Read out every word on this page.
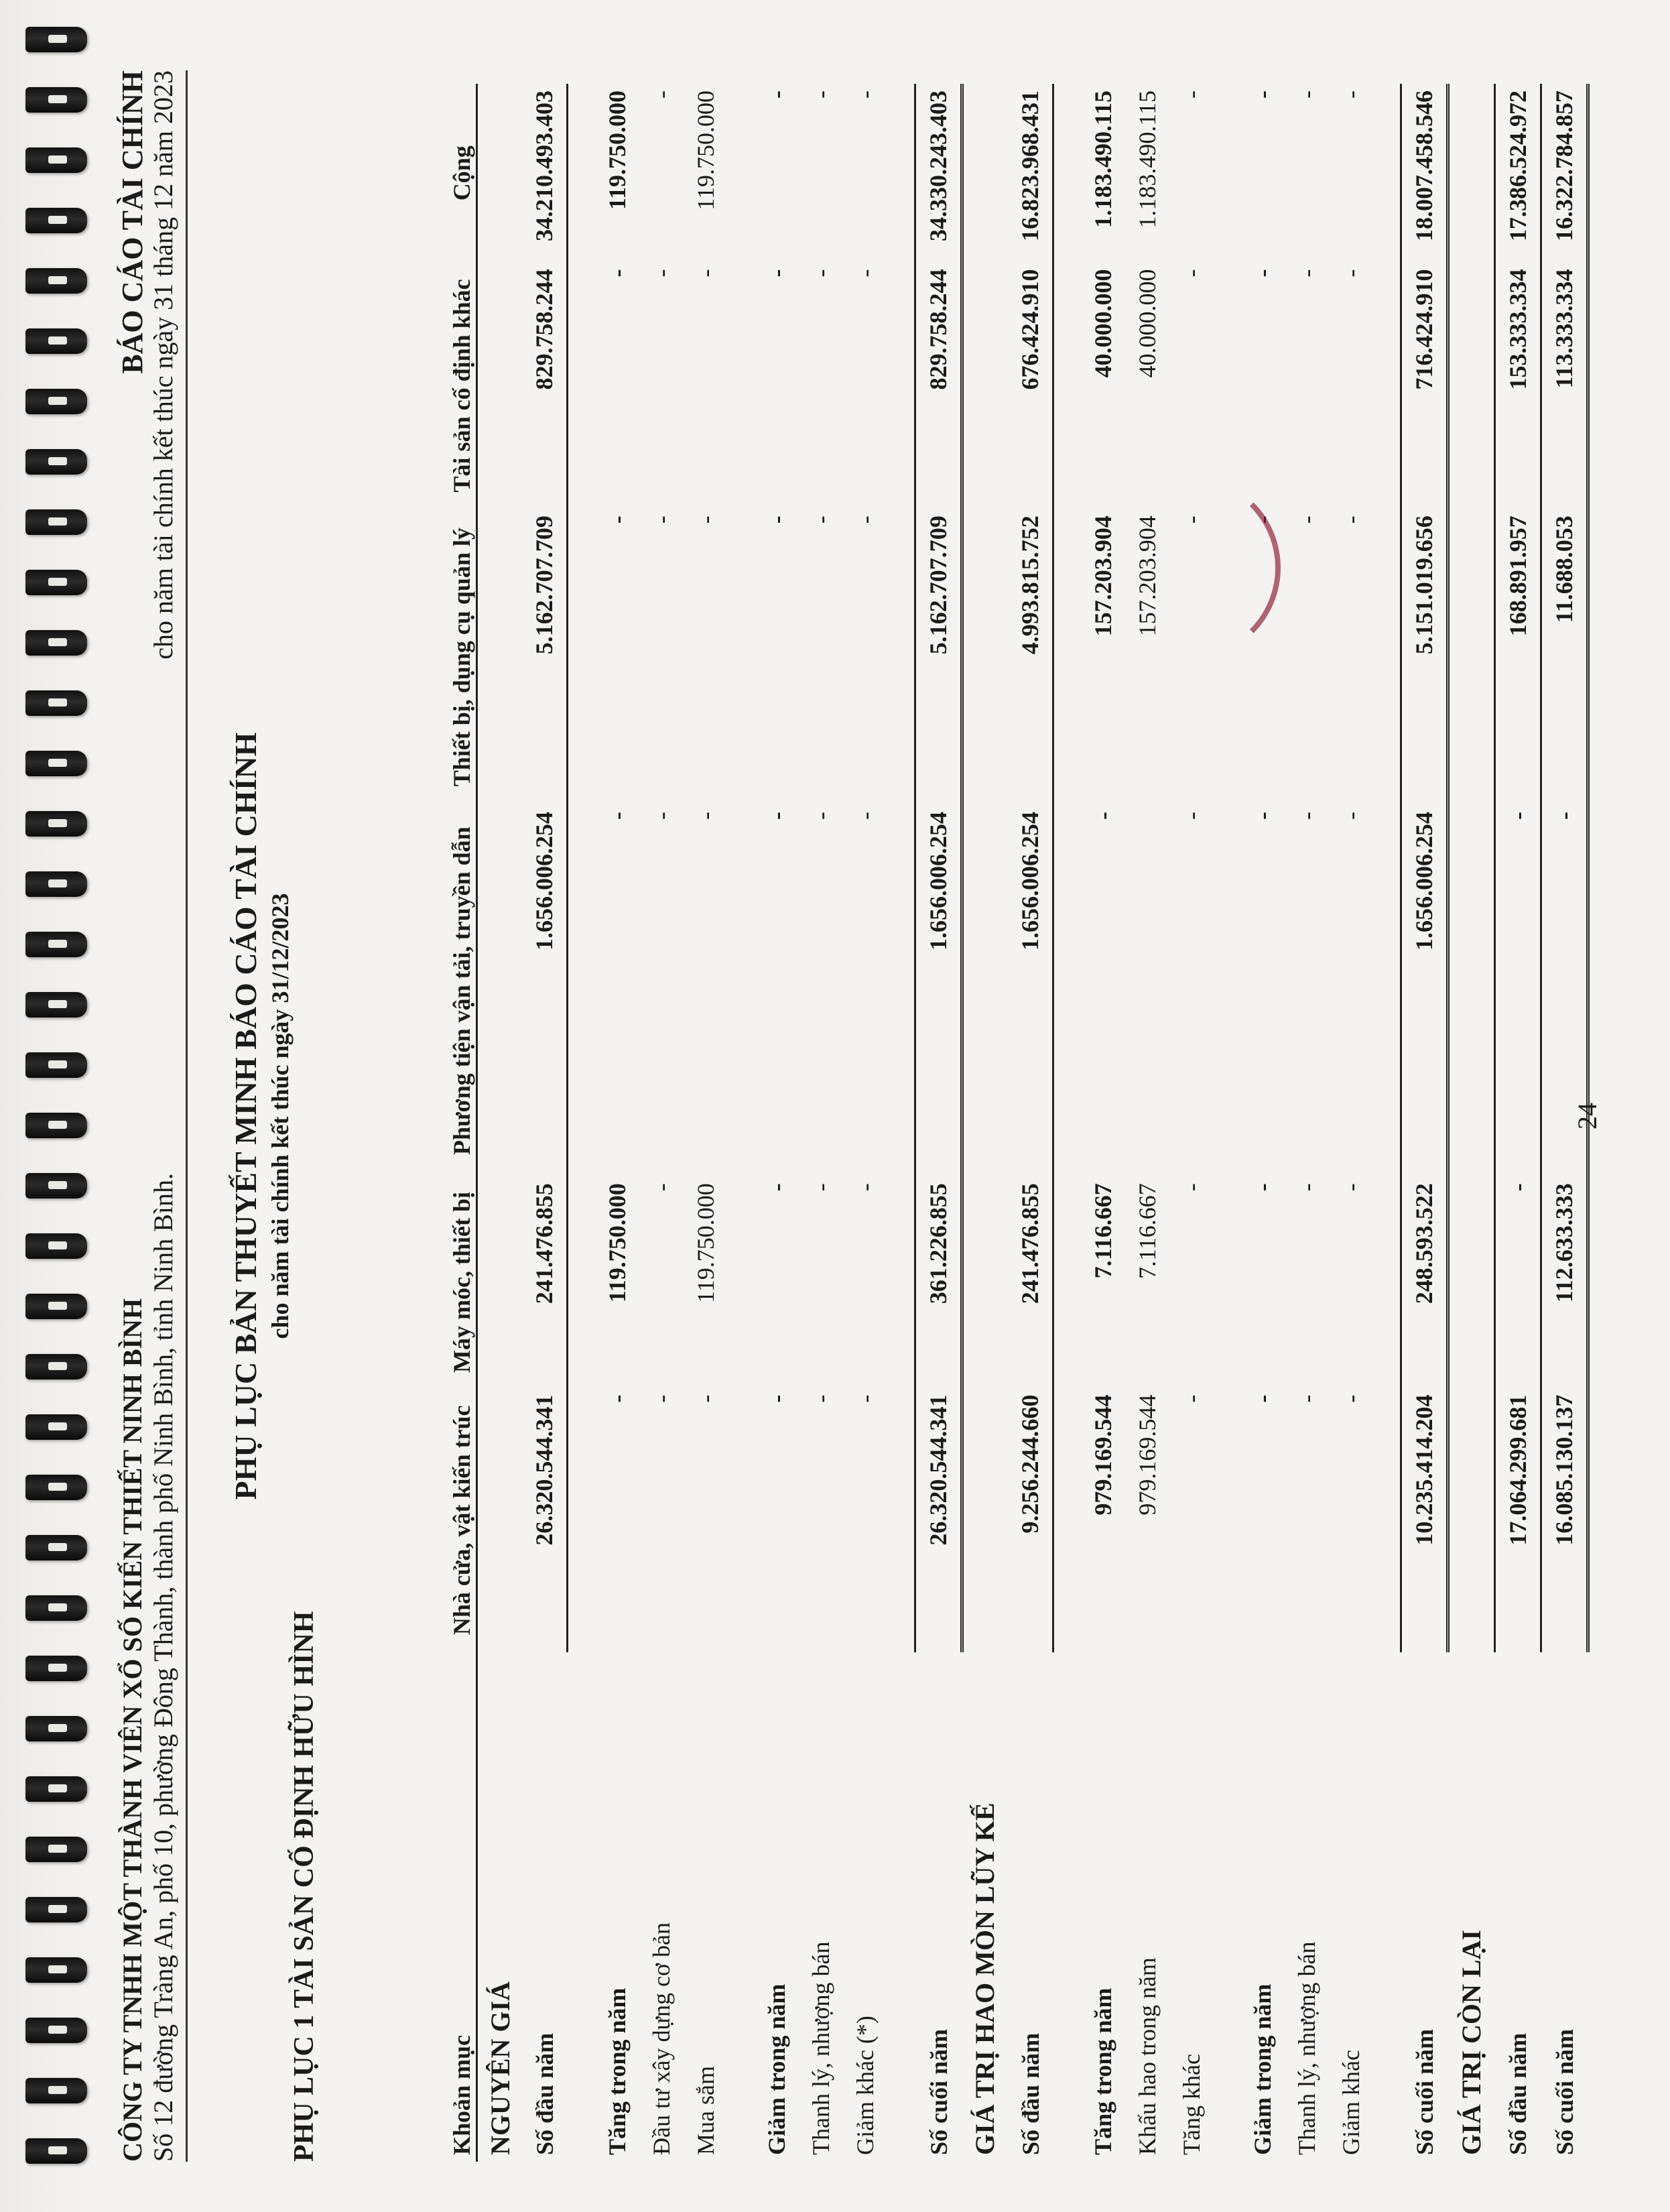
CÔNG TY TNHH MỘT THÀNH VIÊN XỔ SỐ KIẾN THIẾT NINH BÌNH Số 12 đường Tràng An, phố 10, phường Đông Thành, thành phố Ninh Bình, tỉnh Ninh Bình.
BÁO CÁO TÀI CHÍNH cho năm tài chính kết thúc ngày 31 tháng 12 năm 2023
PHỤ LỤC BẢN THUYẾT MINH BÁO CÁO TÀI CHÍNH cho năm tài chính kết thúc ngày 31/12/2023
PHỤ LỤC 1 TÀI SẢN CỐ ĐỊNH HỮU HÌNH	Khoản mục	Nhà cửa, vật kiến trúc	Máy móc, thiết bị	Phương tiện vận tải, truyền dẫn	Thiết bị, dụng cụ quản lý	Tài sản cố định khác	Cộng
NGUYÊN GIÁ						
Số đầu năm	26.320.544.341	241.476.855	1.656.006.254	5.162.707.709	829.758.244	34.210.493.403

Tăng trong năm	-	119.750.000	-	-	-	119.750.000
Đầu tư xây dựng cơ bản	-	-	-	-	-	-
Mua sắm	-	119.750.000	-	-	-	119.750.000

Giảm trong năm	-	-	-	-	-	-
Thanh lý, nhượng bán	-	-	-	-	-	-
Giảm khác (*)	-	-	-	-	-	-

Số cuối năm	26.320.544.341	361.226.855	1.656.006.254	5.162.707.709	829.758.244	34.330.243.403
GIÁ TRỊ HAO MÒN LŨY KẾ						
Số đầu năm	9.256.244.660	241.476.855	1.656.006.254	4.993.815.752	676.424.910	16.823.968.431

Tăng trong năm	979.169.544	7.116.667	-	157.203.904	40.000.000	1.183.490.115
Khấu hao trong năm	979.169.544	7.116.667		157.203.904	40.000.000	1.183.490.115
Tăng khác	-	-	-	-	-	-

Giảm trong năm	-	-	-	-	-	-
Thanh lý, nhượng bán	-	-	-	-	-	-
Giảm khác	-	-	-	-	-	-

Số cuối năm	10.235.414.204	248.593.522	1.656.006.254	5.151.019.656	716.424.910	18.007.458.546
GIÁ TRỊ CÒN LẠI						
Số đầu năm	17.064.299.681	-	-	168.891.957	153.333.334	17.386.524.972
Số cuối năm	16.085.130.137	112.633.333	-	11.688.053	113.333.334	16.322.784.857
24
